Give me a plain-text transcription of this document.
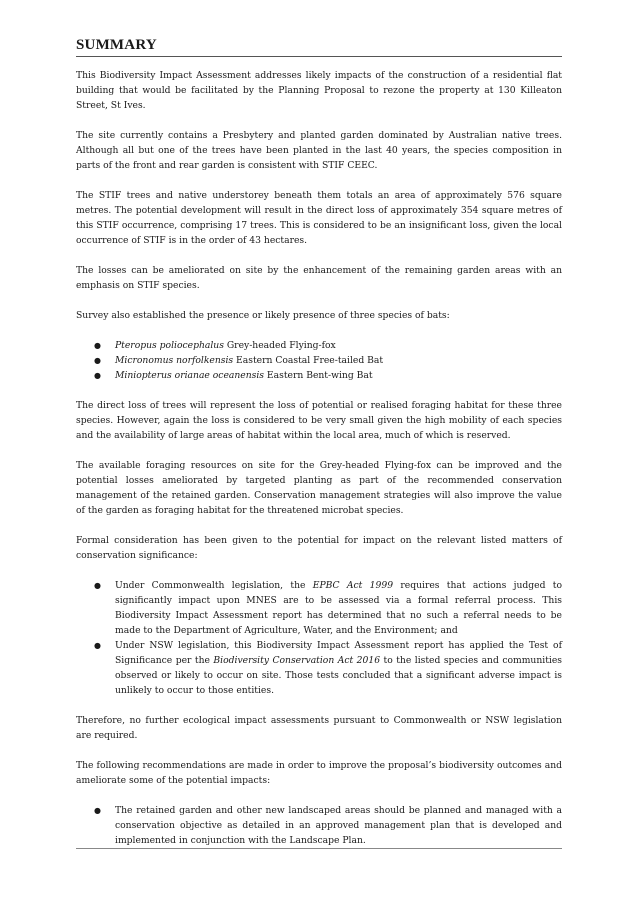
SUMMARY

This Biodiversity Impact Assessment addresses likely impacts of the construction of a residential flat building that would be facilitated by the Planning Proposal to rezone the property at 130 Killeaton Street, St Ives.

The site currently contains a Presbytery and planted garden dominated by Australian native trees. Although all but one of the trees have been planted in the last 40 years, the species composition in parts of the front and rear garden is consistent with STIF CEEC.

The STIF trees and native understorey beneath them totals an area of approximately 576 square metres. The potential development will result in the direct loss of approximately 354 square metres of this STIF occurrence, comprising 17 trees. This is considered to be an insignificant loss, given the local occurrence of STIF is in the order of 43 hectares.

The losses can be ameliorated on site by the enhancement of the remaining garden areas with an emphasis on STIF species.

Survey also established the presence or likely presence of three species of bats:

● Pteropus poliocephalus Grey-headed Flying-fox
● Micronomus norfolkensis Eastern Coastal Free-tailed Bat
● Miniopterus orianae oceanensis Eastern Bent-wing Bat

The direct loss of trees will represent the loss of potential or realised foraging habitat for these three species. However, again the loss is considered to be very small given the high mobility of each species and the availability of large areas of habitat within the local area, much of which is reserved.

The available foraging resources on site for the Grey-headed Flying-fox can be improved and the potential losses ameliorated by targeted planting as part of the recommended conservation management of the retained garden. Conservation management strategies will also improve the value of the garden as foraging habitat for the threatened microbat species.

Formal consideration has been given to the potential for impact on the relevant listed matters of conservation significance:

● Under Commonwealth legislation, the EPBC Act 1999 requires that actions judged to significantly impact upon MNES are to be assessed via a formal referral process. This Biodiversity Impact Assessment report has determined that no such a referral needs to be made to the Department of Agriculture, Water, and the Environment; and
● Under NSW legislation, this Biodiversity Impact Assessment report has applied the Test of Significance per the Biodiversity Conservation Act 2016 to the listed species and communities observed or likely to occur on site. Those tests concluded that a significant adverse impact is unlikely to occur to those entities.

Therefore, no further ecological impact assessments pursuant to Commonwealth or NSW legislation are required.

The following recommendations are made in order to improve the proposal’s biodiversity outcomes and ameliorate some of the potential impacts:

● The retained garden and other new landscaped areas should be planned and managed with a conservation objective as detailed in an approved management plan that is developed and implemented in conjunction with the Landscape Plan.
